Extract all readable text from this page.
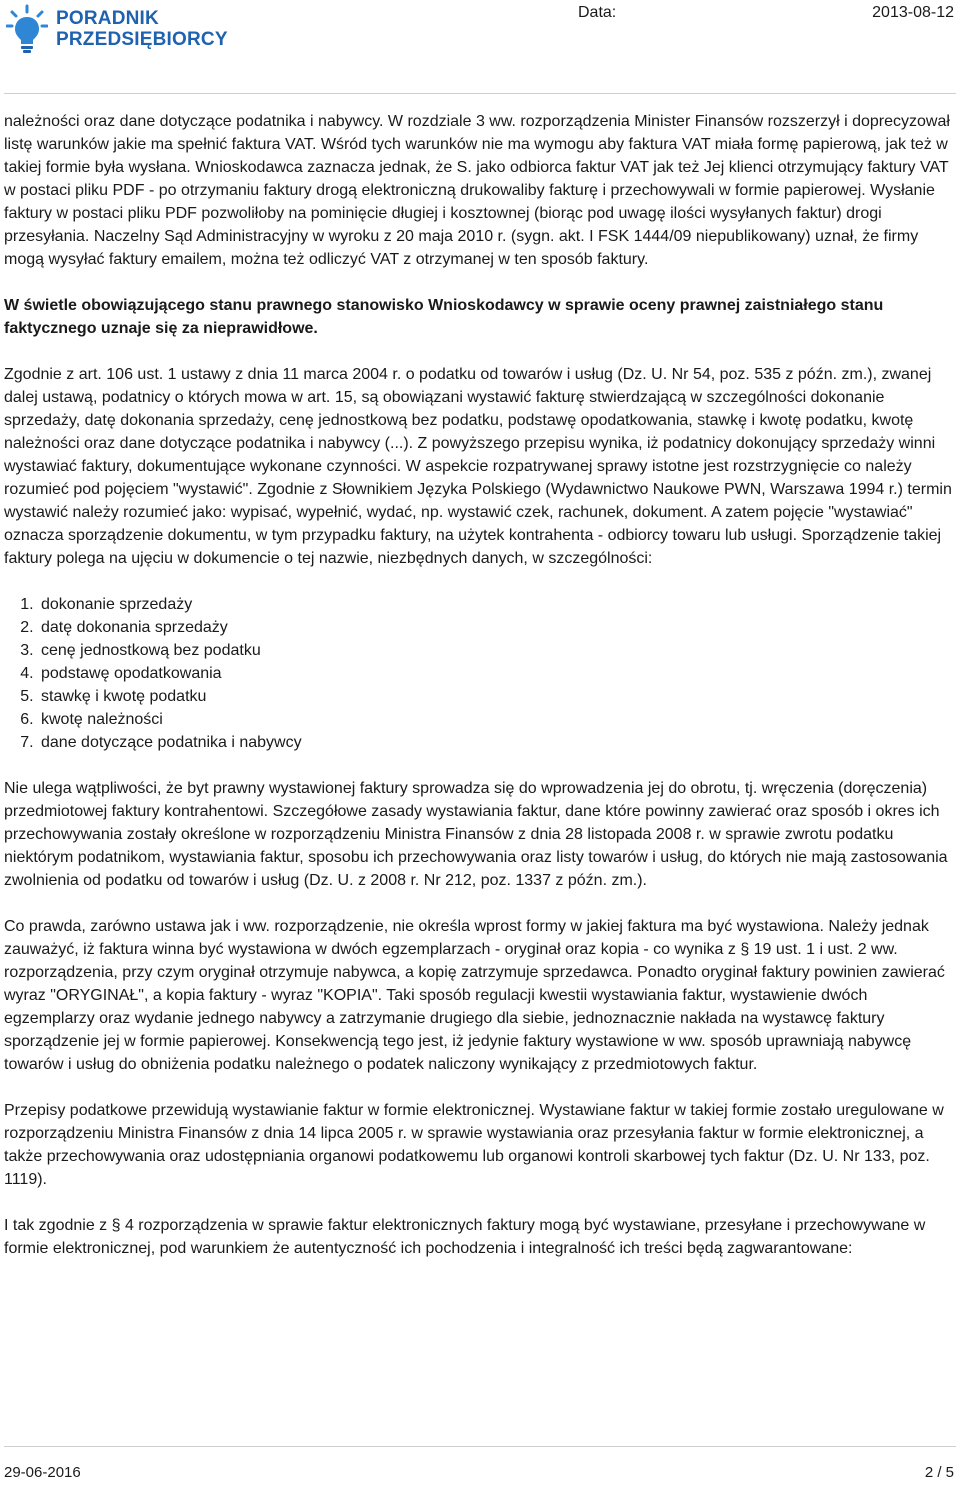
PORADNIK
PRZEDSIĘBIORCY
Data:	2013-08-12

należności oraz dane dotyczące podatnika i nabywcy. W rozdziale 3 ww. rozporządzenia Minister Finansów rozszerzył i doprecyzował listę warunków jakie ma spełnić faktura VAT. Wśród tych warunków nie ma wymogu aby faktura VAT miała formę papierową, jak też w takiej formie była wysłana. Wnioskodawca zaznacza jednak, że S. jako odbiorca faktur VAT jak też Jej klienci otrzymujący faktury VAT w postaci pliku PDF - po otrzymaniu faktury drogą elektroniczną drukowaliby fakturę i przechowywali w formie papierowej. Wysłanie faktury w postaci pliku PDF pozwoliłoby na pominięcie długiej i kosztownej (biorąc pod uwagę ilości wysyłanych faktur) drogi przesyłania. Naczelny Sąd Administracyjny w wyroku z 20 maja 2010 r. (sygn. akt. I FSK 1444/09 niepublikowany) uznał, że firmy mogą wysyłać faktury emailem, można też odliczyć VAT z otrzymanej w ten sposób faktury.

W świetle obowiązującego stanu prawnego stanowisko Wnioskodawcy w sprawie oceny prawnej zaistniałego stanu faktycznego uznaje się za nieprawidłowe.

Zgodnie z art. 106 ust. 1 ustawy z dnia 11 marca 2004 r. o podatku od towarów i usług (Dz. U. Nr 54, poz. 535 z późn. zm.), zwanej dalej ustawą, podatnicy o których mowa w art. 15, są obowiązani wystawić fakturę stwierdzającą w szczególności dokonanie sprzedaży, datę dokonania sprzedaży, cenę jednostkową bez podatku, podstawę opodatkowania, stawkę i kwotę podatku, kwotę należności oraz dane dotyczące podatnika i nabywcy (...). Z powyższego przepisu wynika, iż podatnicy dokonujący sprzedaży winni wystawiać faktury, dokumentujące wykonane czynności. W aspekcie rozpatrywanej sprawy istotne jest rozstrzygnięcie co należy rozumieć pod pojęciem "wystawić". Zgodnie z Słownikiem Języka Polskiego (Wydawnictwo Naukowe PWN, Warszawa 1994 r.) termin wystawić należy rozumieć jako: wypisać, wypełnić, wydać, np. wystawić czek, rachunek, dokument. A zatem pojęcie "wystawiać" oznacza sporządzenie dokumentu, w tym przypadku faktury, na użytek kontrahenta - odbiorcy towaru lub usługi. Sporządzenie takiej faktury polega na ujęciu w dokumencie o tej nazwie, niezbędnych danych, w szczególności:

1. dokonanie sprzedaży
2. datę dokonania sprzedaży
3. cenę jednostkową bez podatku
4. podstawę opodatkowania
5. stawkę i kwotę podatku
6. kwotę należności
7. dane dotyczące podatnika i nabywcy

Nie ulega wątpliwości, że byt prawny wystawionej faktury sprowadza się do wprowadzenia jej do obrotu, tj. wręczenia (doręczenia) przedmiotowej faktury kontrahentowi. Szczegółowe zasady wystawiania faktur, dane które powinny zawierać oraz sposób i okres ich przechowywania zostały określone w rozporządzeniu Ministra Finansów z dnia 28 listopada 2008 r. w sprawie zwrotu podatku niektórym podatnikom, wystawiania faktur, sposobu ich przechowywania oraz listy towarów i usług, do których nie mają zastosowania zwolnienia od podatku od towarów i usług (Dz. U. z 2008 r. Nr 212, poz. 1337 z późn. zm.).

Co prawda, zarówno ustawa jak i ww. rozporządzenie, nie określa wprost formy w jakiej faktura ma być wystawiona. Należy jednak zauważyć, iż faktura winna być wystawiona w dwóch egzemplarzach - oryginał oraz kopia - co wynika z § 19 ust. 1 i ust. 2 ww. rozporządzenia, przy czym oryginał otrzymuje nabywca, a kopię zatrzymuje sprzedawca. Ponadto oryginał faktury powinien zawierać wyraz "ORYGINAŁ", a kopia faktury - wyraz "KOPIA". Taki sposób regulacji kwestii wystawiania faktur, wystawienie dwóch egzemplarzy oraz wydanie jednego nabywcy a zatrzymanie drugiego dla siebie, jednoznacznie nakłada na wystawcę faktury sporządzenie jej w formie papierowej. Konsekwencją tego jest, iż jedynie faktury wystawione w ww. sposób uprawniają nabywcę towarów i usług do obniżenia podatku należnego o podatek naliczony wynikający z przedmiotowych faktur.

Przepisy podatkowe przewidują wystawianie faktur w formie elektronicznej. Wystawiane faktur w takiej formie zostało uregulowane w rozporządzeniu Ministra Finansów z dnia 14 lipca 2005 r. w sprawie wystawiania oraz przesyłania faktur w formie elektronicznej, a także przechowywania oraz udostępniania organowi podatkowemu lub organowi kontroli skarbowej tych faktur (Dz. U. Nr 133, poz. 1119).

I tak zgodnie z § 4 rozporządzenia w sprawie faktur elektronicznych faktury mogą być wystawiane, przesyłane i przechowywane w formie elektronicznej, pod warunkiem że autentyczność ich pochodzenia i integralność ich treści będą zagwarantowane:

29-06-2016	2 / 5
